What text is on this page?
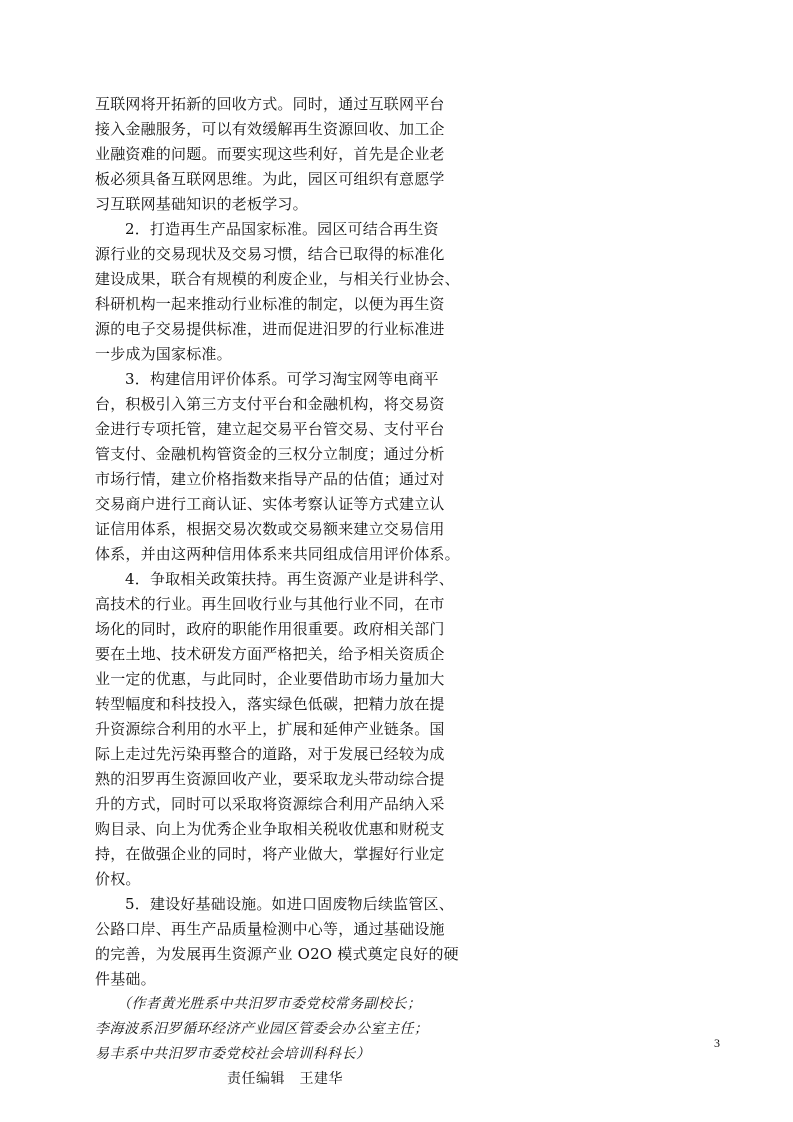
互联网将开拓新的回收方式。同时，通过互联网平台
接入金融服务，可以有效缓解再生资源回收、加工企
业融资难的问题。而要实现这些利好，首先是企业老
板必须具备互联网思维。为此，园区可组织有意愿学
习互联网基础知识的老板学习。
2．打造再生产品国家标准。园区可结合再生资
源行业的交易现状及交易习惯，结合已取得的标准化
建设成果，联合有规模的利废企业，与相关行业协会、
科研机构一起来推动行业标准的制定，以便为再生资
源的电子交易提供标准，进而促进汨罗的行业标准进
一步成为国家标准。
3．构建信用评价体系。可学习淘宝网等电商平
台，积极引入第三方支付平台和金融机构，将交易资
金进行专项托管，建立起交易平台管交易、支付平台
管支付、金融机构管资金的三权分立制度；通过分析
市场行情，建立价格指数来指导产品的估值；通过对
交易商户进行工商认证、实体考察认证等方式建立认
证信用体系，根据交易次数或交易额来建立交易信用
体系，并由这两种信用体系来共同组成信用评价体系。
4．争取相关政策扶持。再生资源产业是讲科学、
高技术的行业。再生回收行业与其他行业不同，在市
场化的同时，政府的职能作用很重要。政府相关部门
要在土地、技术研发方面严格把关，给予相关资质企
业一定的优惠，与此同时，企业要借助市场力量加大
转型幅度和科技投入，落实绿色低碳，把精力放在提
升资源综合利用的水平上，扩展和延伸产业链条。国
际上走过先污染再整合的道路，对于发展已经较为成
熟的汨罗再生资源回收产业，要采取龙头带动综合提
升的方式，同时可以采取将资源综合利用产品纳入采
购目录、向上为优秀企业争取相关税收优惠和财税支
持，在做强企业的同时，将产业做大，掌握好行业定
价权。
5．建设好基础设施。如进口固废物后续监管区、
公路口岸、再生产品质量检测中心等，通过基础设施
的完善，为发展再生资源产业 O2O 模式奠定良好的硬
件基础。
（作者黄光胜系中共汨罗市委党校常务副校长；
李海波系汨罗循环经济产业园区管委会办公室主任；
易丰系中共汨罗市委党校社会培训科科长）
责任编辑　王建华
3
